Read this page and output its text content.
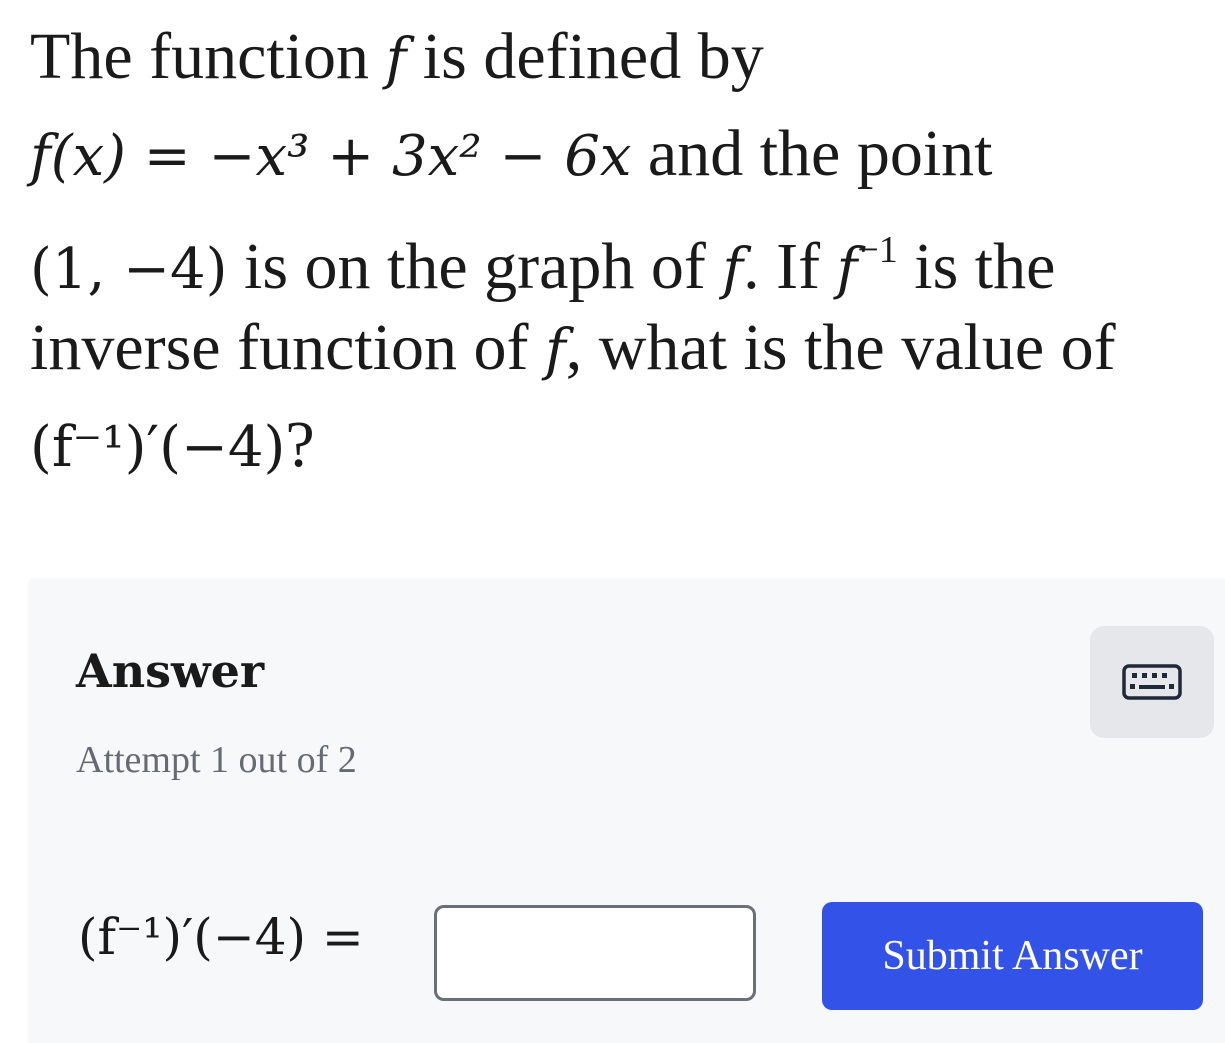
The function f is defined by
f(x) = −x³ + 3x² − 6x and the point
(1, −4) is on the graph of f. If $f^{-1}$ is the
inverse function of f, what is the value of
(f⁻¹)′(−4)?
Answer
Attempt 1 out of 2
(f⁻¹)′(−4) =	Submit Answer
